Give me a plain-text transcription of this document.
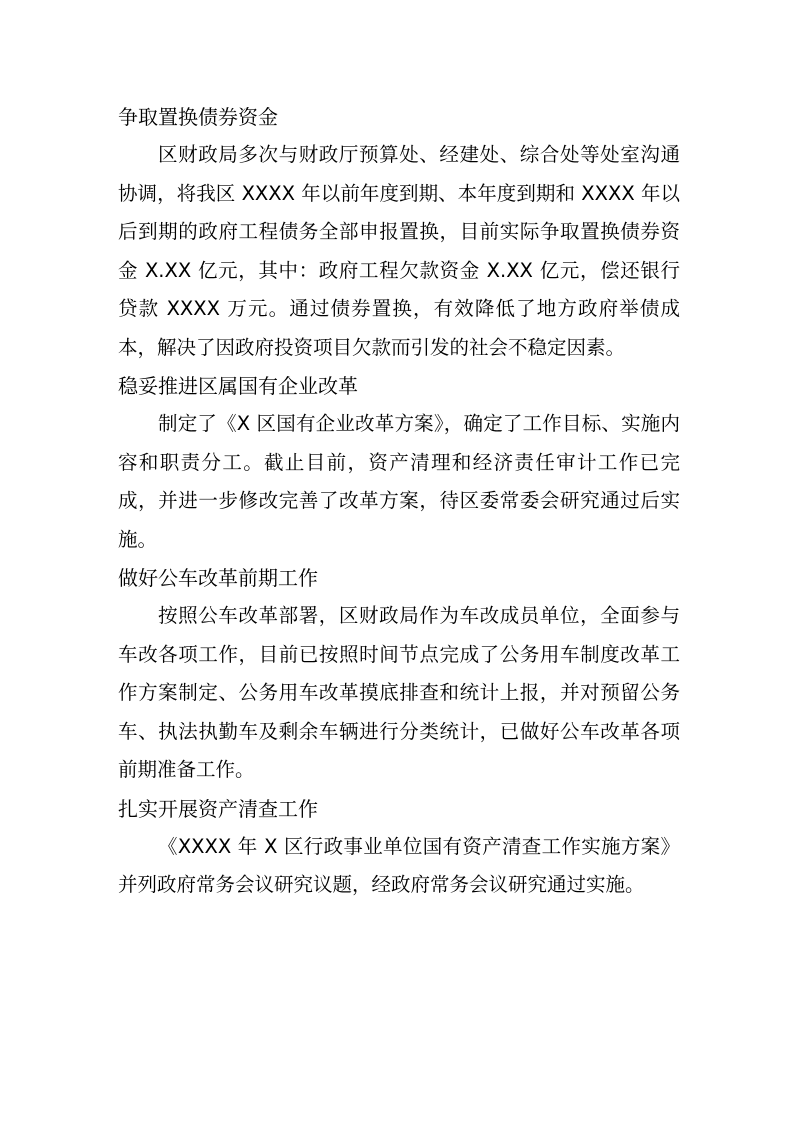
争取置换债券资金

区财政局多次与财政厅预算处、经建处、综合处等处室沟通协调，将我区 XXXX 年以前年度到期、本年度到期和 XXXX 年以后到期的政府工程债务全部申报置换，目前实际争取置换债券资金 X.XX 亿元，其中：政府工程欠款资金 X.XX 亿元，偿还银行贷款 XXXX 万元。通过债券置换，有效降低了地方政府举债成本，解决了因政府投资项目欠款而引发的社会不稳定因素。

稳妥推进区属国有企业改革

制定了《X 区国有企业改革方案》，确定了工作目标、实施内容和职责分工。截止目前，资产清理和经济责任审计工作已完成，并进一步修改完善了改革方案，待区委常委会研究通过后实施。

做好公车改革前期工作

按照公车改革部署，区财政局作为车改成员单位，全面参与车改各项工作，目前已按照时间节点完成了公务用车制度改革工作方案制定、公务用车改革摸底排查和统计上报，并对预留公务车、执法执勤车及剩余车辆进行分类统计，已做好公车改革各项前期准备工作。

扎实开展资产清查工作

《XXXX 年 X 区行政事业单位国有资产清查工作实施方案》并列政府常务会议研究议题，经政府常务会议研究通过实施。
